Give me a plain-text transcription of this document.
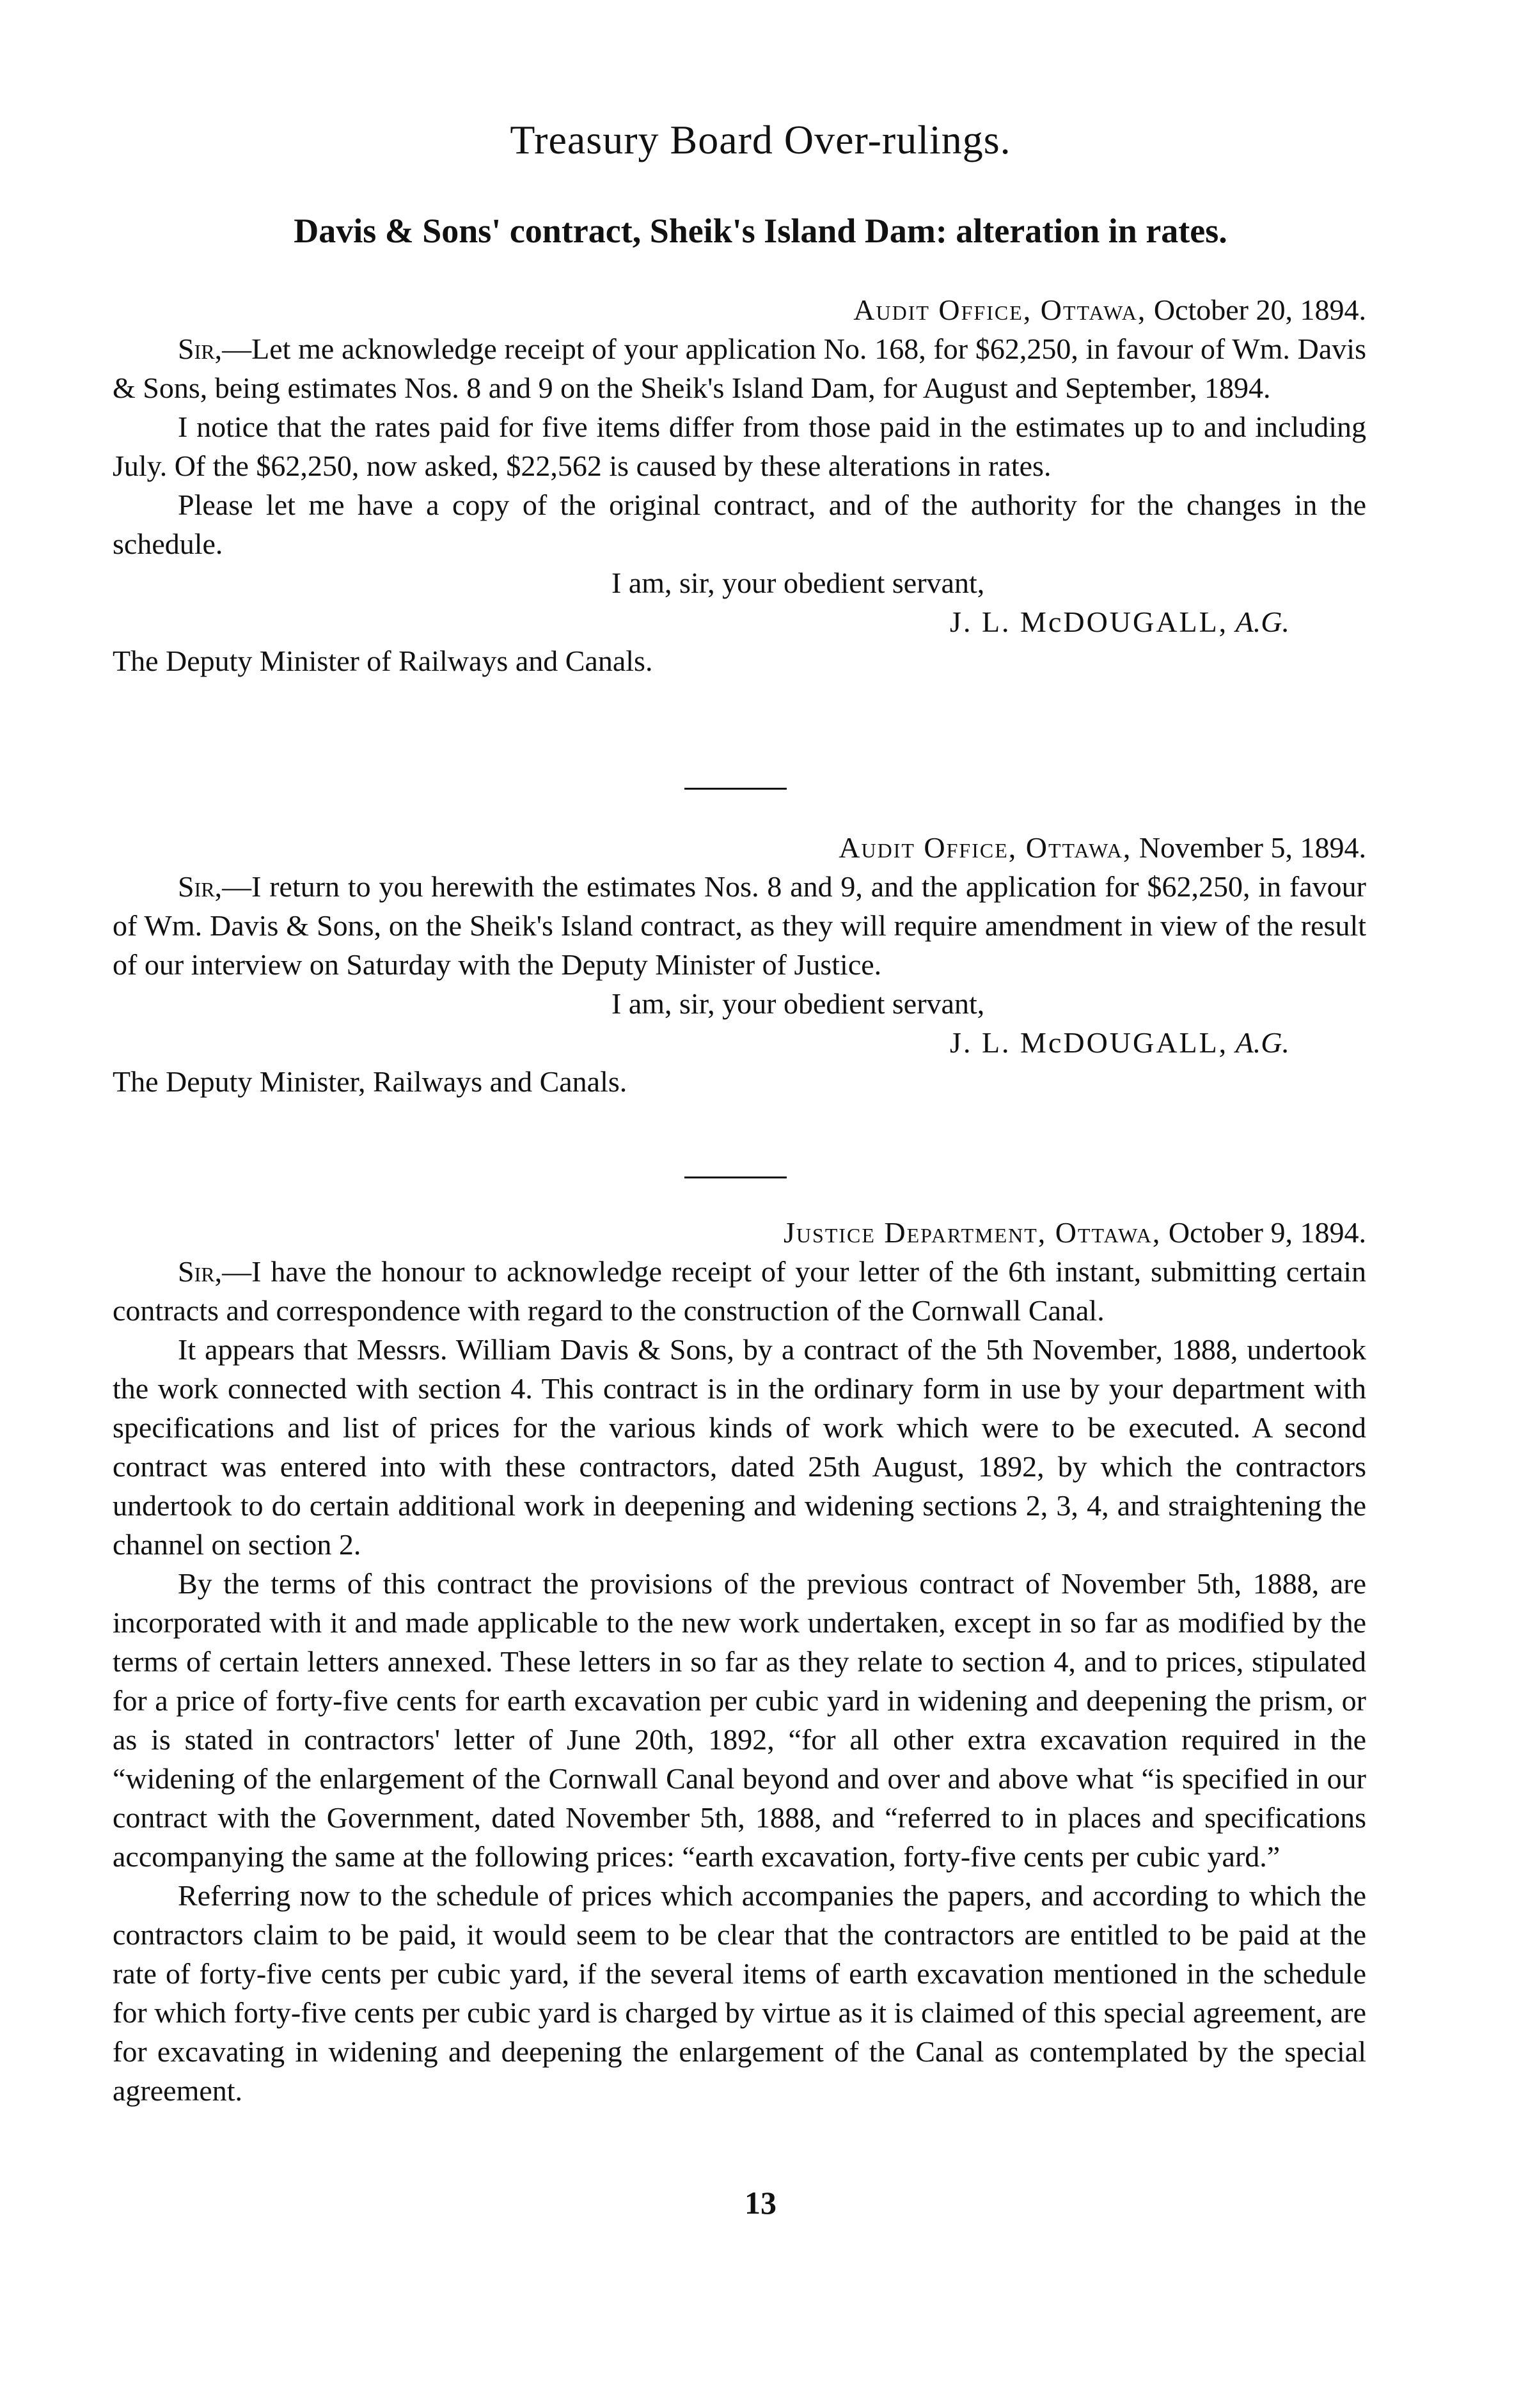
Treasury Board Over-rulings.
Davis & Sons' contract, Sheik's Island Dam: alteration in rates.
Audit Office, Ottawa, October 20, 1894.

Sir,—Let me acknowledge receipt of your application No. 168, for $62,250, in favour of Wm. Davis & Sons, being estimates Nos. 8 and 9 on the Sheik's Island Dam, for August and September, 1894.

I notice that the rates paid for five items differ from those paid in the estimates up to and including July. Of the $62,250, now asked, $22,562 is caused by these alterations in rates.

Please let me have a copy of the original contract, and of the authority for the changes in the schedule.

I am, sir, your obedient servant,

J. L. McDOUGALL, A.G.

The Deputy Minister of Railways and Canals.

Audit Office, Ottawa, November 5, 1894.

Sir,—I return to you herewith the estimates Nos. 8 and 9, and the application for $62,250, in favour of Wm. Davis & Sons, on the Sheik's Island contract, as they will require amendment in view of the result of our interview on Saturday with the Deputy Minister of Justice.

I am, sir, your obedient servant,

J. L. McDOUGALL, A.G.

The Deputy Minister, Railways and Canals.

Justice Department, Ottawa, October 9, 1894.

Sir,—I have the honour to acknowledge receipt of your letter of the 6th instant, submitting certain contracts and correspondence with regard to the construction of the Cornwall Canal.

It appears that Messrs. William Davis & Sons, by a contract of the 5th November, 1888, undertook the work connected with section 4. This contract is in the ordinary form in use by your department with specifications and list of prices for the various kinds of work which were to be executed. A second contract was entered into with these contractors, dated 25th August, 1892, by which the contractors undertook to do certain additional work in deepening and widening sections 2, 3, 4, and straightening the channel on section 2.

By the terms of this contract the provisions of the previous contract of November 5th, 1888, are incorporated with it and made applicable to the new work undertaken, except in so far as modified by the terms of certain letters annexed. These letters in so far as they relate to section 4, and to prices, stipulated for a price of forty-five cents for earth excavation per cubic yard in widening and deepening the prism, or as is stated in contractors' letter of June 20th, 1892, “for all other extra excavation required in the “widening of the enlargement of the Cornwall Canal beyond and over and above what “is specified in our contract with the Government, dated November 5th, 1888, and “referred to in places and specifications accompanying the same at the following prices: “earth excavation, forty-five cents per cubic yard.”

Referring now to the schedule of prices which accompanies the papers, and according to which the contractors claim to be paid, it would seem to be clear that the contractors are entitled to be paid at the rate of forty-five cents per cubic yard, if the several items of earth excavation mentioned in the schedule for which forty-five cents per cubic yard is charged by virtue as it is claimed of this special agreement, are for excavating in widening and deepening the enlargement of the Canal as contemplated by the special agreement.

13
